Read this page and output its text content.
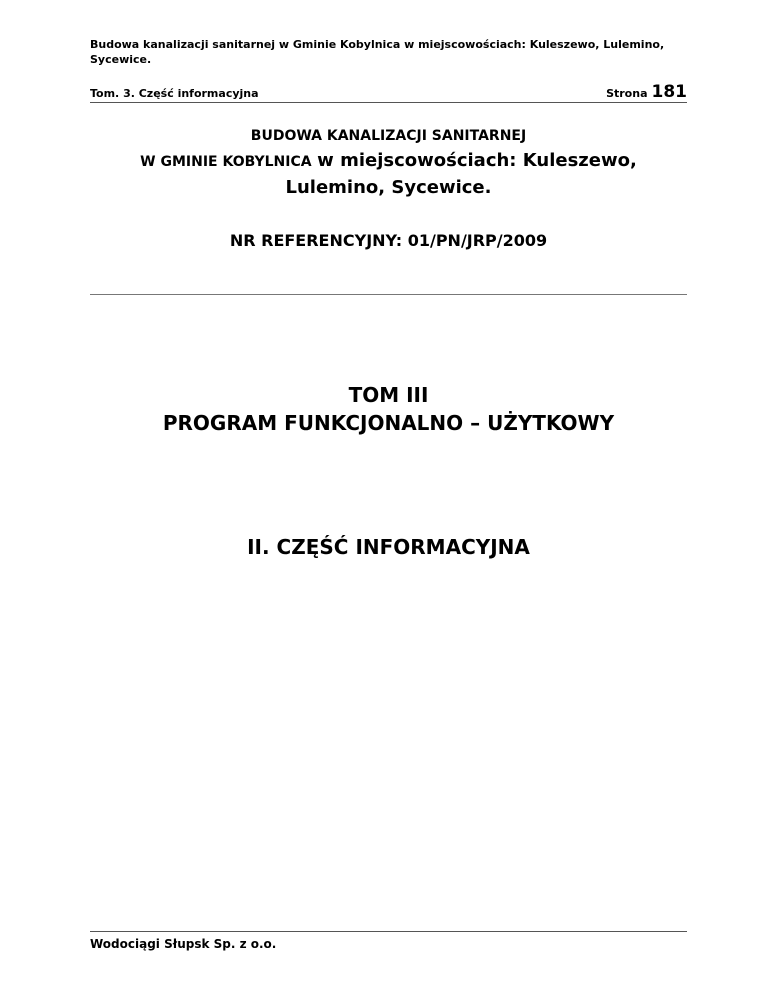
Budowa kanalizacji sanitarnej w Gminie Kobylnica w miejscowościach: Kuleszewo, Lulemino, Sycewice.
Tom. 3. Część informacyjna	Strona 181
BUDOWA KANALIZACJI SANITARNEJ
W GMINIE KOBYLNICA w miejscowościach: Kuleszewo,
Lulemino, Sycewice.
NR REFERENCYJNY: 01/PN/JRP/2009
TOM III
PROGRAM FUNKCJONALNO – UŻYTKOWY
II. CZĘŚĆ INFORMACYJNA
Wodociągi Słupsk Sp. z o.o.
